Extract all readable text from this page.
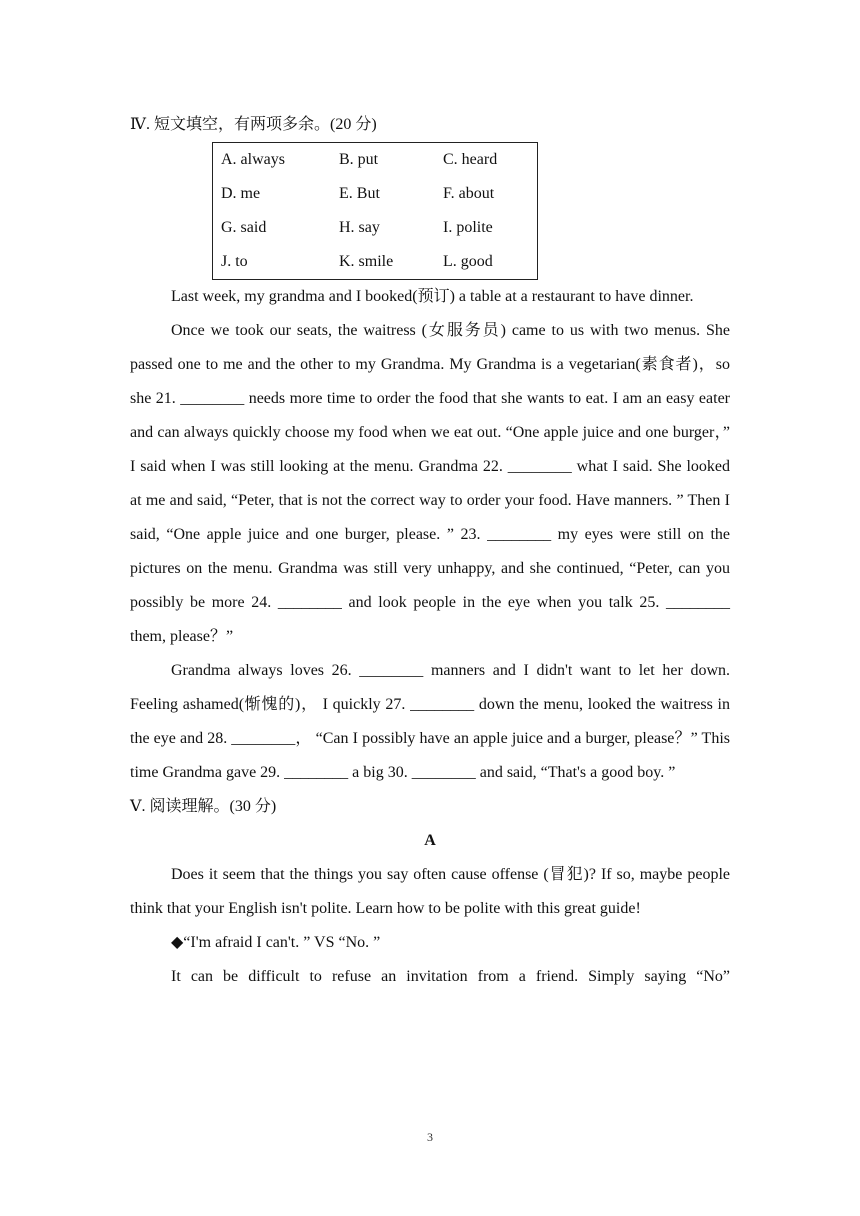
Ⅳ. 短文填空，有两项多余。(20 分)
A. always	B. put	C. heard
D. me	E. But	F. about
G. said	H. say	I. polite
J. to	K. smile	L. good

Last week, my grandma and I booked(预订) a table at a restaurant to have dinner.

Once we took our seats, the waitress (女服务员) came to us with two menus. She passed one to me and the other to my Grandma. My Grandma is a vegetarian(素食者)，so she 21. ________ needs more time to order the food that she wants to eat. I am an easy eater and can always quickly choose my food when we eat out. “One apple juice and one burger，” I said when I was still looking at the menu. Grandma 22. ________ what I said. She looked at me and said, “Peter, that is not the correct way to order your food. Have manners. ” Then I said, “One apple juice and one burger, please. ” 23. ________ my eyes were still on the pictures on the menu. Grandma was still very unhappy, and she continued, “Peter, can you possibly be more 24. ________ and look people in the eye when you talk 25. ________ them, please？”

Grandma always loves 26. ________ manners and I didn't want to let her down. Feeling ashamed(惭愧的)， I quickly 27. ________ down the menu, looked the waitress in the eye and 28. ________， “Can I possibly have an apple juice and a burger, please？” This time Grandma gave 29. ________ a big 30. ________ and said, “That's a good boy. ”

Ⅴ. 阅读理解。(30 分)
A

Does it seem that the things you say often cause offense (冒犯)? If so, maybe people think that your English isn't polite. Learn how to be polite with this great guide!

◆“I'm afraid I can't. ” VS “No. ”

It can be difficult to refuse an invitation from a friend. Simply saying “No”

3
